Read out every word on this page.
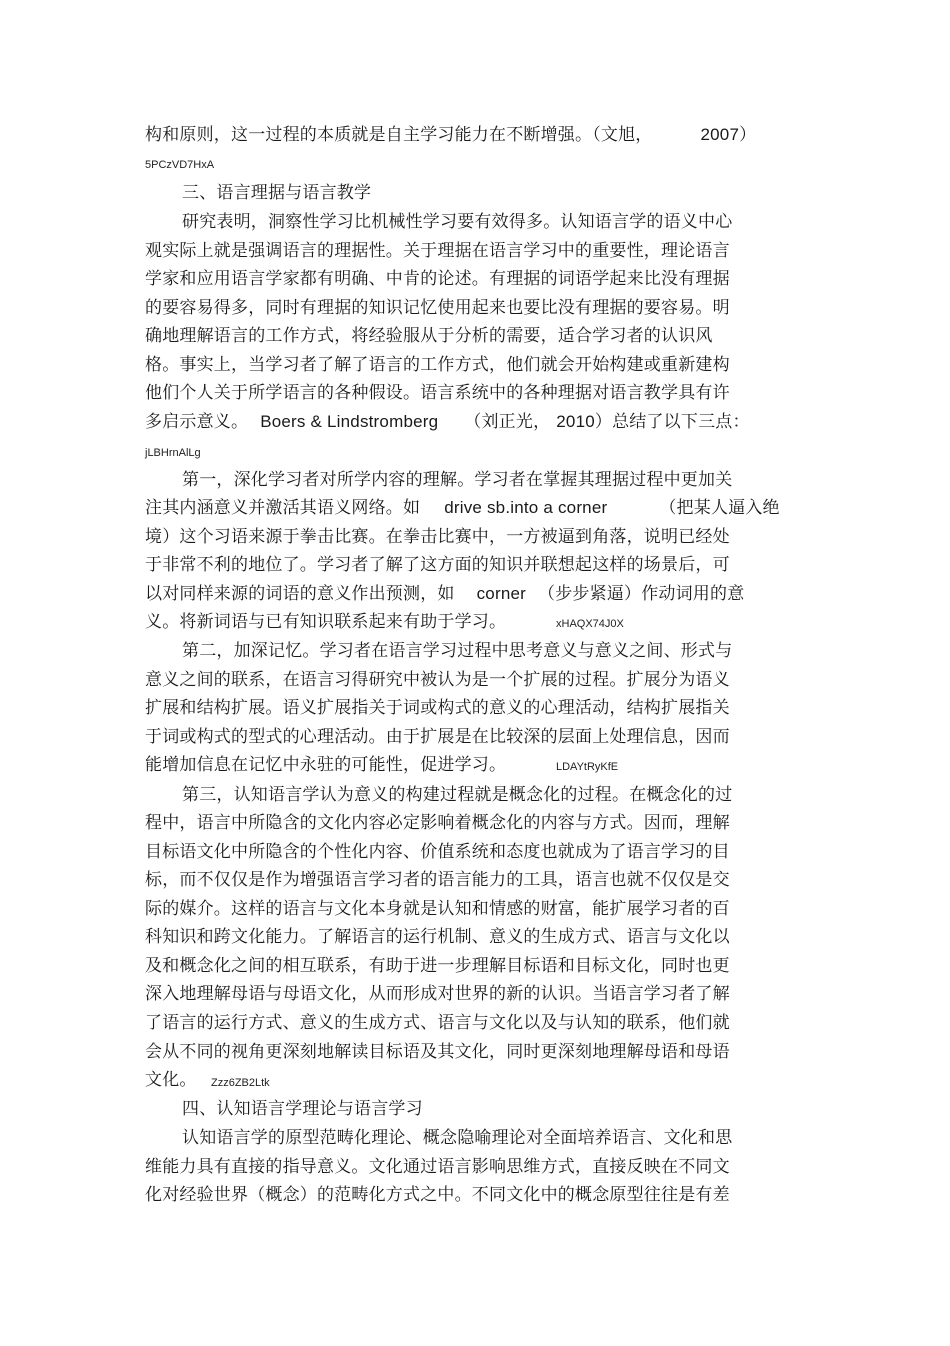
构和原则，这一过程的本质就是自主学习能力在不断增强。（文旭，	2007）
5PCzVD7HxA
三、语言理据与语言教学
研究表明，洞察性学习比机械性学习要有效得多。认知语言学的语义中心
观实际上就是强调语言的理据性。关于理据在语言学习中的重要性，理论语言
学家和应用语言学家都有明确、中肯的论述。有理据的词语学起来比没有理据
的要容易得多，同时有理据的知识记忆使用起来也要比没有理据的要容易。明
确地理解语言的工作方式，将经验服从于分析的需要，适合学习者的认识风
格。事实上，当学习者了解了语言的工作方式，他们就会开始构建或重新建构
他们个人关于所学语言的各种假设。语言系统中的各种理据对语言教学具有许
多启示意义。 Boers & Lindstromberg （刘正光， 2010）总结了以下三点：
jLBHrnAlLg
第一，深化学习者对所学内容的理解。学习者在掌握其理据过程中更加关
注其内涵意义并激活其语义网络。如 drive sb.into a corner	（把某人逼入绝
境）这个习语来源于拳击比赛。在拳击比赛中，一方被逼到角落，说明已经处
于非常不利的地位了。学习者了解了这方面的知识并联想起这样的场景后，可
以对同样来源的词语的意义作出预测，如 corner （步步紧逼）作动词用的意
义。将新词语与已有知识联系起来有助于学习。	xHAQX74J0X
第二，加深记忆。学习者在语言学习过程中思考意义与意义之间、形式与
意义之间的联系，在语言习得研究中被认为是一个扩展的过程。扩展分为语义
扩展和结构扩展。语义扩展指关于词或构式的意义的心理活动，结构扩展指关
于词或构式的型式的心理活动。由于扩展是在比较深的层面上处理信息，因而
能增加信息在记忆中永驻的可能性，促进学习。	LDAYtRyKfE
第三，认知语言学认为意义的构建过程就是概念化的过程。在概念化的过
程中，语言中所隐含的文化内容必定影响着概念化的内容与方式。因而，理解
目标语文化中所隐含的个性化内容、价值系统和态度也就成为了语言学习的目
标，而不仅仅是作为增强语言学习者的语言能力的工具，语言也就不仅仅是交
际的媒介。这样的语言与文化本身就是认知和情感的财富，能扩展学习者的百
科知识和跨文化能力。了解语言的运行机制、意义的生成方式、语言与文化以
及和概念化之间的相互联系，有助于进一步理解目标语和目标文化，同时也更
深入地理解母语与母语文化，从而形成对世界的新的认识。当语言学习者了解
了语言的运行方式、意义的生成方式、语言与文化以及与认知的联系，他们就
会从不同的视角更深刻地解读目标语及其文化，同时更深刻地理解母语和母语
文化。 Zzz6ZB2Ltk
四、认知语言学理论与语言学习
认知语言学的原型范畴化理论、概念隐喻理论对全面培养语言、文化和思
维能力具有直接的指导意义。文化通过语言影响思维方式，直接反映在不同文
化对经验世界（概念）的范畴化方式之中。不同文化中的概念原型往往是有差
